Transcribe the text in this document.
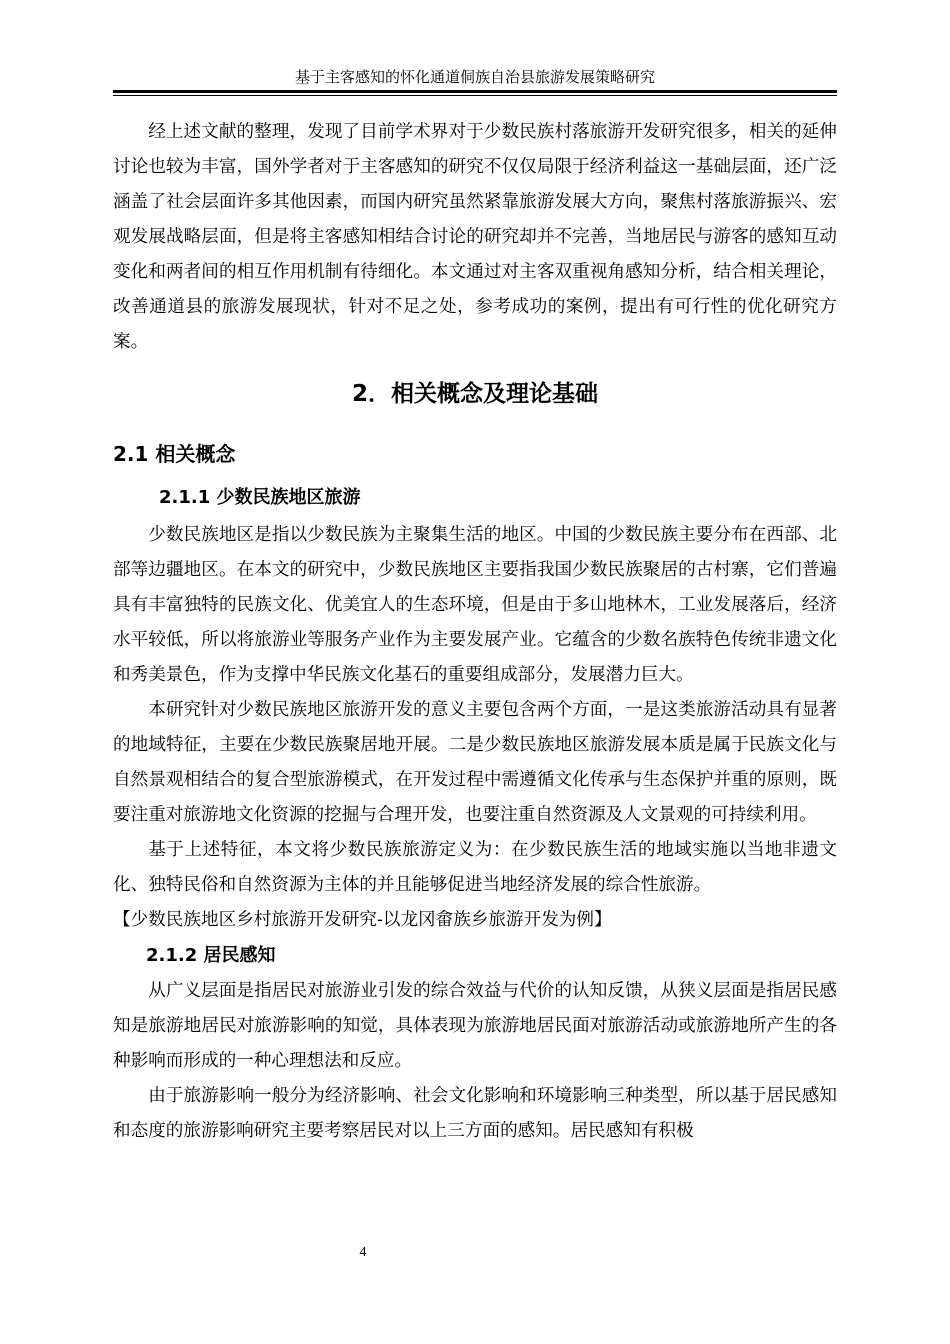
基于主客感知的怀化通道侗族自治县旅游发展策略研究

经上述文献的整理，发现了目前学术界对于少数民族村落旅游开发研究很多，相关的延伸讨论也较为丰富，国外学者对于主客感知的研究不仅仅局限于经济利益这一基础层面，还广泛涵盖了社会层面许多其他因素，而国内研究虽然紧靠旅游发展大方向，聚焦村落旅游振兴、宏观发展战略层面，但是将主客感知相结合讨论的研究却并不完善，当地居民与游客的感知互动变化和两者间的相互作用机制有待细化。本文通过对主客双重视角感知分析，结合相关理论，改善通道县的旅游发展现状，针对不足之处，参考成功的案例，提出有可行性的优化研究方案。

2．相关概念及理论基础
2.1 相关概念
2.1.1 少数民族地区旅游

少数民族地区是指以少数民族为主聚集生活的地区。中国的少数民族主要分布在西部、北部等边疆地区。在本文的研究中，少数民族地区主要指我国少数民族聚居的古村寨，它们普遍具有丰富独特的民族文化、优美宜人的生态环境，但是由于多山地林木，工业发展落后，经济水平较低，所以将旅游业等服务产业作为主要发展产业。它蕴含的少数名族特色传统非遗文化和秀美景色，作为支撑中华民族文化基石的重要组成部分，发展潜力巨大。

本研究针对少数民族地区旅游开发的意义主要包含两个方面，一是这类旅游活动具有显著的地域特征，主要在少数民族聚居地开展。二是少数民族地区旅游发展本质是属于民族文化与自然景观相结合的复合型旅游模式，在开发过程中需遵循文化传承与生态保护并重的原则，既要注重对旅游地文化资源的挖掘与合理开发，也要注重自然资源及人文景观的可持续利用。

基于上述特征，本文将少数民族旅游定义为：在少数民族生活的地域实施以当地非遗文化、独特民俗和自然资源为主体的并且能够促进当地经济发展的综合性旅游。

【少数民族地区乡村旅游开发研究-以龙冈畲族乡旅游开发为例】

2.1.2 居民感知

从广义层面是指居民对旅游业引发的综合效益与代价的认知反馈，从狭义层面是指居民感知是旅游地居民对旅游影响的知觉，具体表现为旅游地居民面对旅游活动或旅游地所产生的各种影响而形成的一种心理想法和反应。

由于旅游影响一般分为经济影响、社会文化影响和环境影响三种类型，所以基于居民感知和态度的旅游影响研究主要考察居民对以上三方面的感知。居民感知有积极

4
